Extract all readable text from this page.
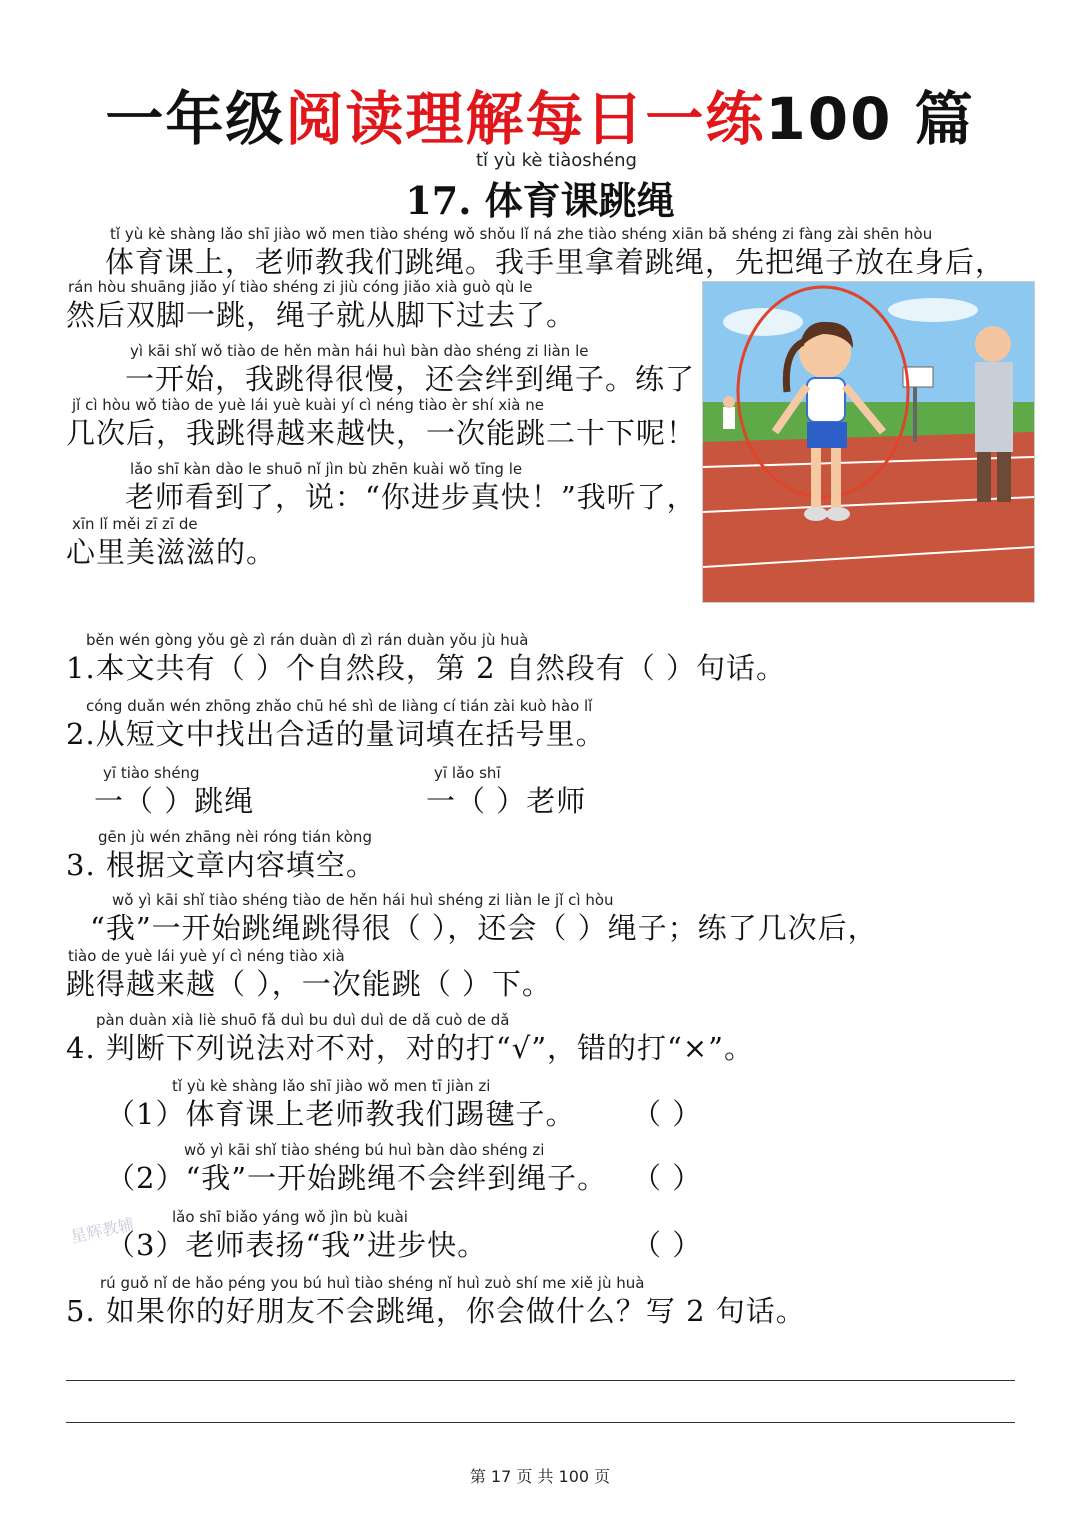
一年级阅读理解每日一练100 篇
tǐ yù kè tiàoshéng
17. 体育课跳绳
tǐ yù kè shàng lǎo shī jiào wǒ men tiào shéng wǒ shǒu lǐ ná zhe tiào shéng xiān bǎ shéng zi fàng zài shēn hòu
体育课上，老师教我们跳绳。我手里拿着跳绳，先把绳子放在身后，
rán hòu shuāng jiǎo yí tiào shéng zi jiù cóng jiǎo xià guò qù le
然后双脚一跳，绳子就从脚下过去了。
yì kāi shǐ wǒ tiào de hěn màn hái huì bàn dào shéng zi liàn le
一开始，我跳得很慢，还会绊到绳子。练了
jǐ cì hòu wǒ tiào de yuè lái yuè kuài yí cì néng tiào èr shí xià ne
几次后，我跳得越来越快，一次能跳二十下呢！
lǎo shī kàn dào le shuō nǐ jìn bù zhēn kuài wǒ tīng le
老师看到了，说：“你进步真快！”我听了，
xīn lǐ měi zī zī de
心里美滋滋的。
běn wén gòng yǒu gè zì rán duàn dì zì rán duàn yǒu jù huà
1.本文共有（ ）个自然段，第 2 自然段有（ ）句话。
cóng duǎn wén zhōng zhǎo chū hé shì de liàng cí tián zài kuò hào lǐ
2.从短文中找出合适的量词填在括号里。
yī tiào shéng
一（ ）跳绳
yī lǎo shī
一（ ）老师
gēn jù wén zhāng nèi róng tián kòng
3. 根据文章内容填空。
wǒ yì kāi shǐ tiào shéng tiào de hěn hái huì shéng zi liàn le jǐ cì hòu
“我”一开始跳绳跳得很（ ），还会（ ）绳子；练了几次后，
tiào de yuè lái yuè yí cì néng tiào xià
跳得越来越（ ），一次能跳（ ）下。
pàn duàn xià liè shuō fǎ duì bu duì duì de dǎ cuò de dǎ
4. 判断下列说法对不对，对的打“√”，错的打“×”。
tǐ yù kè shàng lǎo shī jiào wǒ men tī jiàn zi
（1）体育课上老师教我们踢毽子。 （ ）
wǒ yì kāi shǐ tiào shéng bú huì bàn dào shéng zi
（2）“我”一开始跳绳不会绊到绳子。 （ ）
lǎo shī biǎo yáng wǒ jìn bù kuài
（3）老师表扬“我”进步快。	（ ）
星辉教辅
rú guǒ nǐ de hǎo péng you bú huì tiào shéng nǐ huì zuò shí me xiě jù huà
5. 如果你的好朋友不会跳绳，你会做什么？写 2 句话。
第 17 页 共 100 页
